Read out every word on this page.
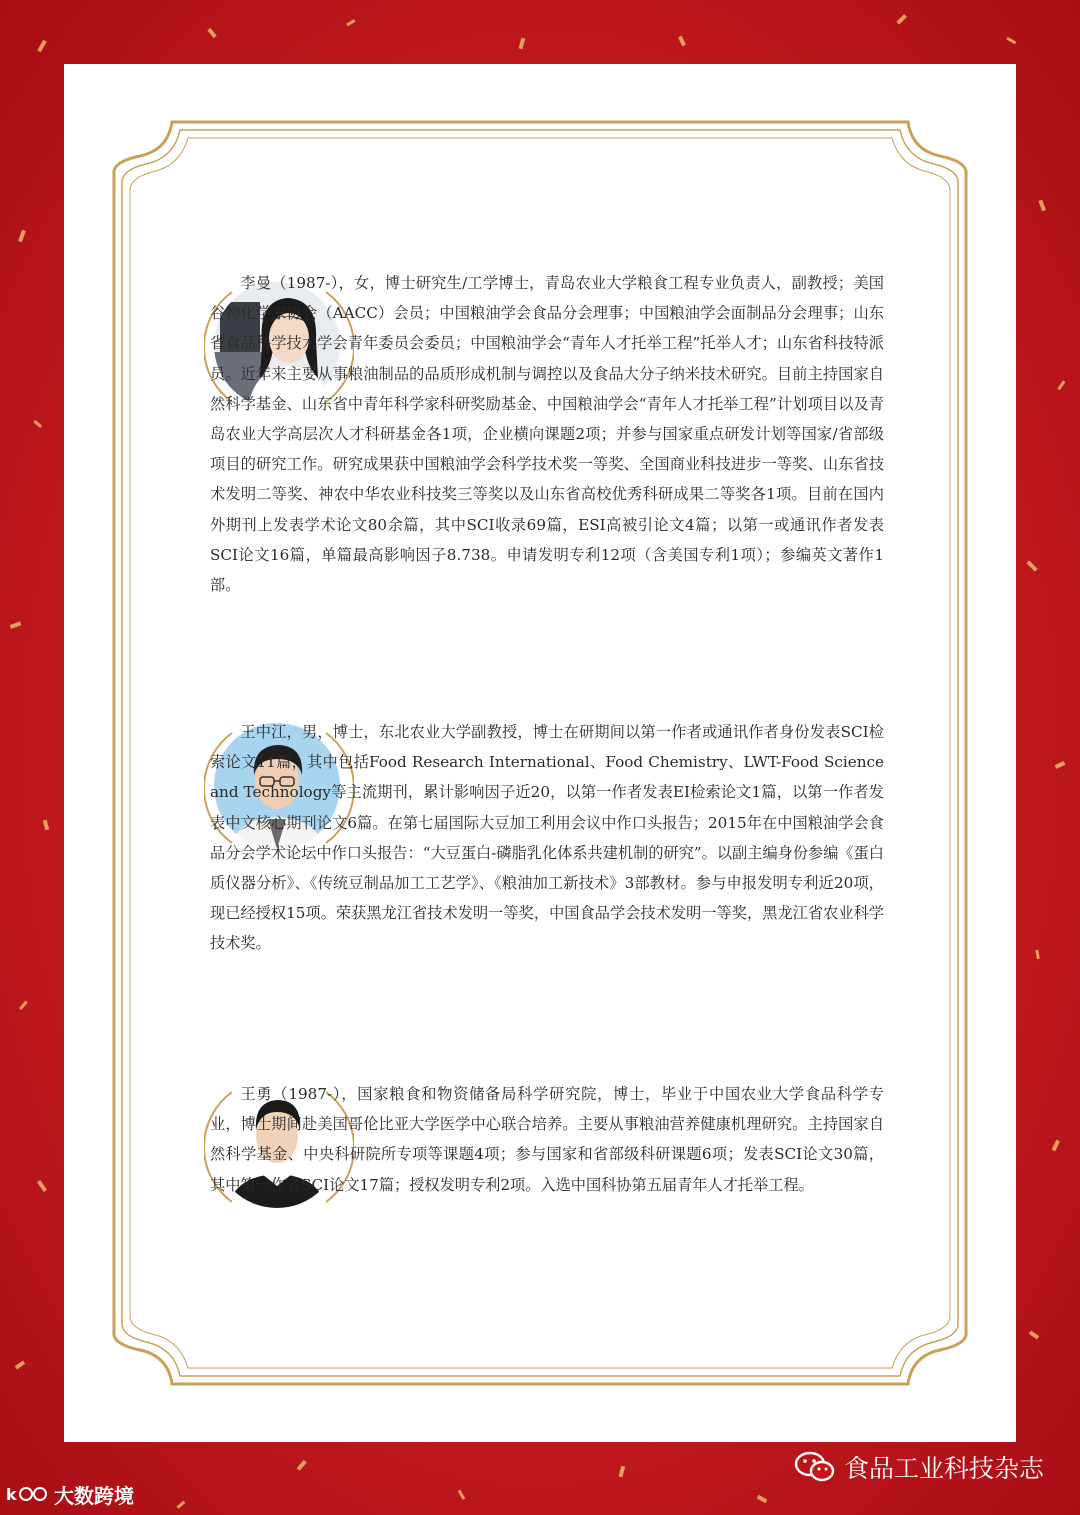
李曼（1987-），女，博士研究生/工学博士，青岛农业大学粮食工程专业负责人，副教授；美国谷物化学家协会（AACC）会员；中国粮油学会食品分会理事；中国粮油学会面制品分会理事；山东省食品科学技术学会青年委员会委员；中国粮油学会“青年人才托举工程”托举人才；山东省科技特派员。近年来主要从事粮油制品的品质形成机制与调控以及食品大分子纳米技术研究。目前主持国家自然科学基金、山东省中青年科学家科研奖励基金、中国粮油学会“青年人才托举工程”计划项目以及青岛农业大学高层次人才科研基金各1项，企业横向课题2项；并参与国家重点研发计划等国家/省部级项目的研究工作。研究成果获中国粮油学会科学技术奖一等奖、全国商业科技进步一等奖、山东省技术发明二等奖、神农中华农业科技奖三等奖以及山东省高校优秀科研成果二等奖各1项。目前在国内外期刊上发表学术论文80余篇，其中SCI收录69篇，ESI高被引论文4篇；以第一或通讯作者发表SCI论文16篇，单篇最高影响因子8.738。申请发明专利12项（含美国专利1项）；参编英文著作1部。

王中江，男，博士，东北农业大学副教授，博士在研期间以第一作者或通讯作者身份发表SCI检索论文11篇，其中包括Food Research International、Food Chemistry、LWT-Food Science and Technology等主流期刊，累计影响因子近20，以第一作者发表EI检索论文1篇，以第一作者发表中文核心期刊论文6篇。在第七届国际大豆加工利用会议中作口头报告；2015年在中国粮油学会食品分会学术论坛中作口头报告：“大豆蛋白-磷脂乳化体系共建机制的研究”。以副主编身份参编《蛋白质仪器分析》、《传统豆制品加工工艺学》、《粮油加工新技术》3部教材。参与申报发明专利近20项，现已经授权15项。荣获黑龙江省技术发明一等奖，中国食品学会技术发明一等奖，黑龙江省农业科学技术奖。

王勇（1987-），国家粮食和物资储备局科学研究院，博士，毕业于中国农业大学食品科学专业，博士期间赴美国哥伦比亚大学医学中心联合培养。主要从事粮油营养健康机理研究。主持国家自然科学基金、中央科研院所专项等课题4项；参与国家和省部级科研课题6项；发表SCI论文30篇，其中第一作者SCI论文17篇；授权发明专利2项。入选中国科协第五届青年人才托举工程。

k 大数跨境
食品工业科技杂志
